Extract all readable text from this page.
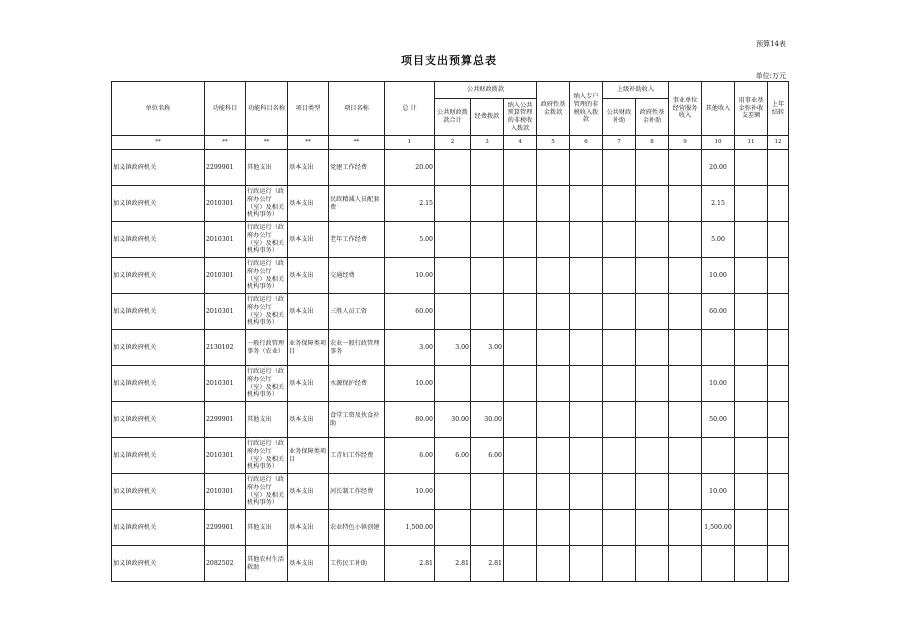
预算14表
项目支出预算总表
单位:万元
单位名称	功能科目	功能科目名称	项目类型	项目名称	总 计	公共财政拨款			政府性基金拨款	纳入专户管理的非税收入拨款	上级补助收入		事业单位经营服务收入	其他收入	用事业基金弥补收支差额	上年结转
						公共财政拨款合计	经费拨款	纳入公共预算管理的非税收入拨款			公共财政补助	政府性基金补助				
**	**	**	**	**	1	2	3	4	5	6	7	8	9	10	11	12
加义镇政府机关	2299901	其他支出	基本支出	党建工作经费	20.00									20.00		
加义镇政府机关	2010301	行政运行（政府办公厅（室）及相关机构事务）	基本支出	民政精减人员配套费	2.15									2.15		
加义镇政府机关	2010301	行政运行（政府办公厅（室）及相关机构事务）	基本支出	老年工作经费	5.00									5.00		
加义镇政府机关	2010301	行政运行（政府办公厅（室）及相关机构事务）	基本支出	交通经费	10.00									10.00		
加义镇政府机关	2010301	行政运行（政府办公厅（室）及相关机构事务）	基本支出	三胜人员工资	60.00									60.00		
加义镇政府机关	2130102	一般行政管理事务（农业）	业务保障类项目	农业一般行政管理事务	3.00	3.00	3.00									
加义镇政府机关	2010301	行政运行（政府办公厅（室）及相关机构事务）	基本支出	水源保护经费	10.00									10.00		
加义镇政府机关	2299901	其他支出	基本支出	食堂工资及伙食补助	80.00	30.00	30.00							50.00		
加义镇政府机关	2010301	行政运行（政府办公厅（室）及相关机构事务）	业务保障类项目	工青妇工作经费	6.00	6.00	6.00									
加义镇政府机关	2010301	行政运行（政府办公厅（室）及相关机构事务）	基本支出	河长制工作经费	10.00									10.00		
加义镇政府机关	2299901	其他支出	基本支出	农业特色小镇创建	1,500.00									1,500.00		
加义镇政府机关	2082502	其他农村生活救助	基本支出	工伤民工补助	2.81	2.81	2.81									
